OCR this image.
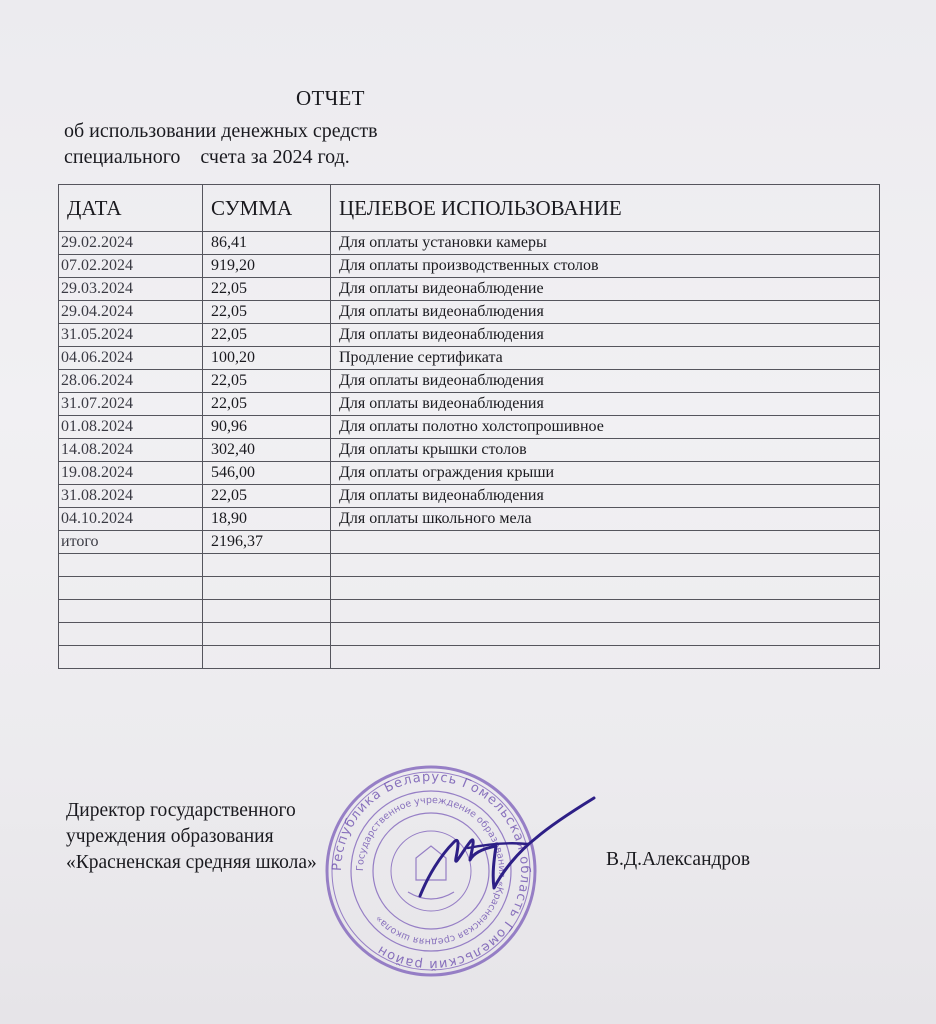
ОТЧЕТ
об использовании денежных средств
специального    счета за 2024 год.
ДАТА	СУММА	ЦЕЛЕВОЕ ИСПОЛЬЗОВАНИЕ
29.02.2024	86,41	Для оплаты установки камеры
07.02.2024	919,20	Для оплаты производственных столов
29.03.2024	22,05	Для оплаты видеонаблюдение
29.04.2024	22,05	Для оплаты видеонаблюдения
31.05.2024	22,05	Для оплаты видеонаблюдения
04.06.2024	100,20	Продление сертификата
28.06.2024	22,05	Для оплаты видеонаблюдения
31.07.2024	22,05	Для оплаты видеонаблюдения
01.08.2024	90,96	Для оплаты полотно холстопрошивное
14.08.2024	302,40	Для оплаты крышки столов
19.08.2024	546,00	Для оплаты ограждения крыши
31.08.2024	22,05	Для оплаты видеонаблюдения
04.10.2024	18,90	Для оплаты школьного мела
итого	2196,37	

Директор государственного
учреждения образования
«Красненская средняя школа» Республика Беларусь Гомельская область Гомельский район
Государственное учреждение образования «Красненская средняя школа»
В.Д.Александров
